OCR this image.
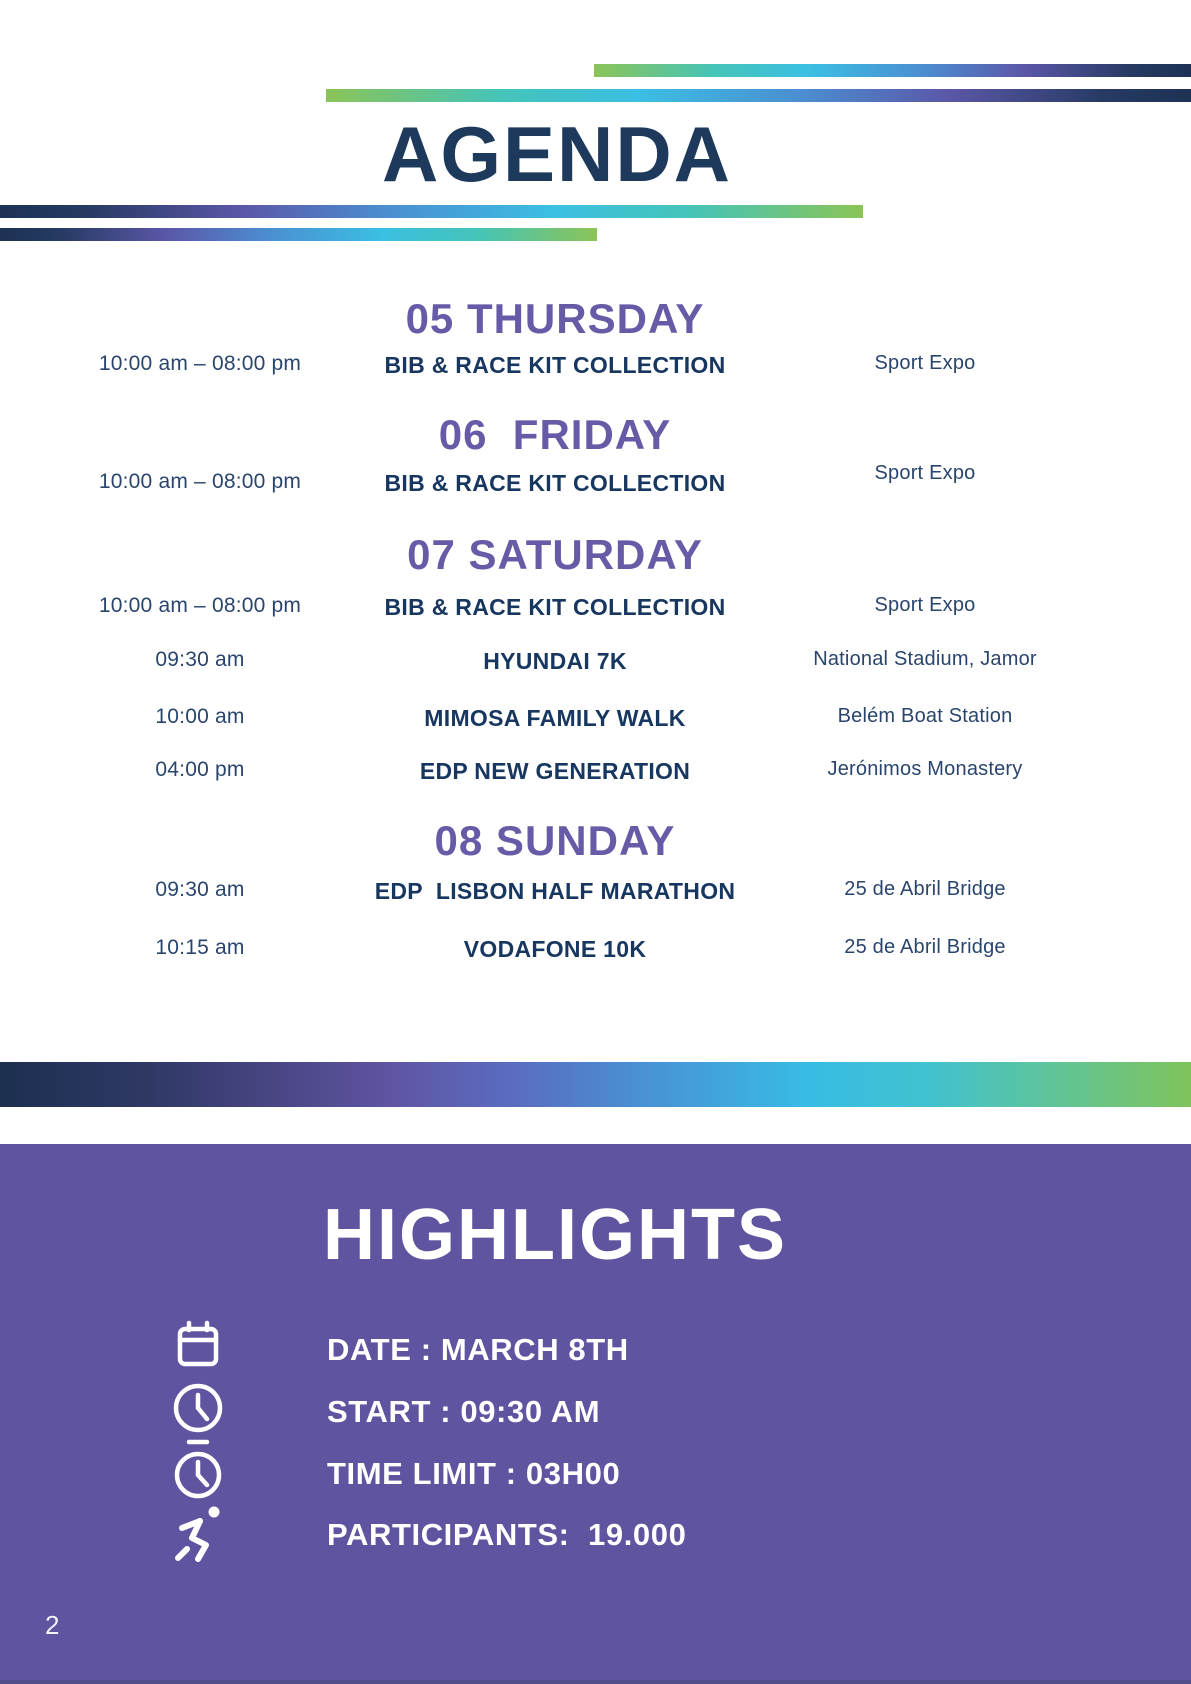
AGENDA
05 THURSDAY
10:00 am – 08:00 pm	BIB & RACE KIT COLLECTION	Sport Expo
06  FRIDAY
10:00 am – 08:00 pm	BIB & RACE KIT COLLECTION	Sport Expo
07 SATURDAY
10:00 am – 08:00 pm	BIB & RACE KIT COLLECTION	Sport Expo
09:30 am	HYUNDAI 7K	National Stadium, Jamor
10:00 am	MIMOSA FAMILY WALK	Belém Boat Station
04:00 pm	EDP NEW GENERATION	Jerónimos Monastery
08 SUNDAY
09:30 am	EDP  LISBON HALF MARATHON	25 de Abril Bridge
10:15 am	VODAFONE 10K	25 de Abril Bridge
HIGHLIGHTS
DATE : MARCH 8TH
START : 09:30 AM
TIME LIMIT : 03H00
PARTICIPANTS:  19.000
2
